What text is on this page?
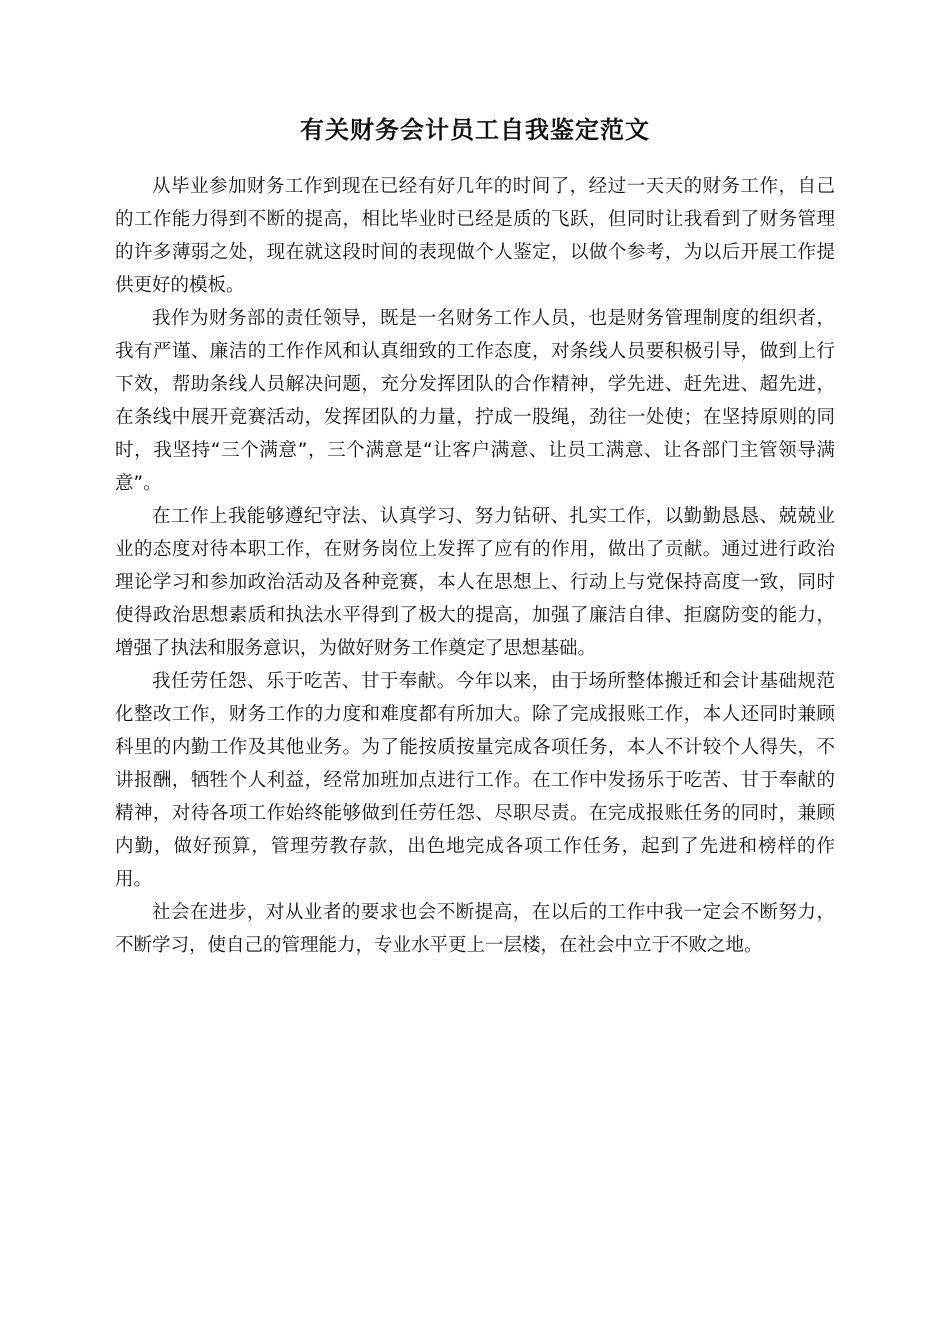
有关财务会计员工自我鉴定范文

从毕业参加财务工作到现在已经有好几年的时间了，经过一天天的财务工作，自己的工作能力得到不断的提高，相比毕业时已经是质的飞跃，但同时让我看到了财务管理的许多薄弱之处，现在就这段时间的表现做个人鉴定，以做个参考，为以后开展工作提供更好的模板。

我作为财务部的责任领导，既是一名财务工作人员，也是财务管理制度的组织者，我有严谨、廉洁的工作作风和认真细致的工作态度，对条线人员要积极引导，做到上行下效，帮助条线人员解决问题，充分发挥团队的合作精神，学先进、赶先进、超先进，在条线中展开竞赛活动，发挥团队的力量，拧成一股绳，劲往一处使；在坚持原则的同时，我坚持“三个满意”，三个满意是“让客户满意、让员工满意、让各部门主管领导满意”。

在工作上我能够遵纪守法、认真学习、努力钻研、扎实工作，以勤勤恳恳、兢兢业业的态度对待本职工作，在财务岗位上发挥了应有的作用，做出了贡献。通过进行政治理论学习和参加政治活动及各种竞赛，本人在思想上、行动上与党保持高度一致，同时使得政治思想素质和执法水平得到了极大的提高，加强了廉洁自律、拒腐防变的能力，增强了执法和服务意识，为做好财务工作奠定了思想基础。

我任劳任怨、乐于吃苦、甘于奉献。今年以来，由于场所整体搬迁和会计基础规范化整改工作，财务工作的力度和难度都有所加大。除了完成报账工作，本人还同时兼顾科里的内勤工作及其他业务。为了能按质按量完成各项任务，本人不计较个人得失，不讲报酬，牺牲个人利益，经常加班加点进行工作。在工作中发扬乐于吃苦、甘于奉献的精神，对待各项工作始终能够做到任劳任怨、尽职尽责。在完成报账任务的同时，兼顾内勤，做好预算，管理劳教存款，出色地完成各项工作任务，起到了先进和榜样的作用。

社会在进步，对从业者的要求也会不断提高，在以后的工作中我一定会不断努力，不断学习，使自己的管理能力，专业水平更上一层楼，在社会中立于不败之地。
